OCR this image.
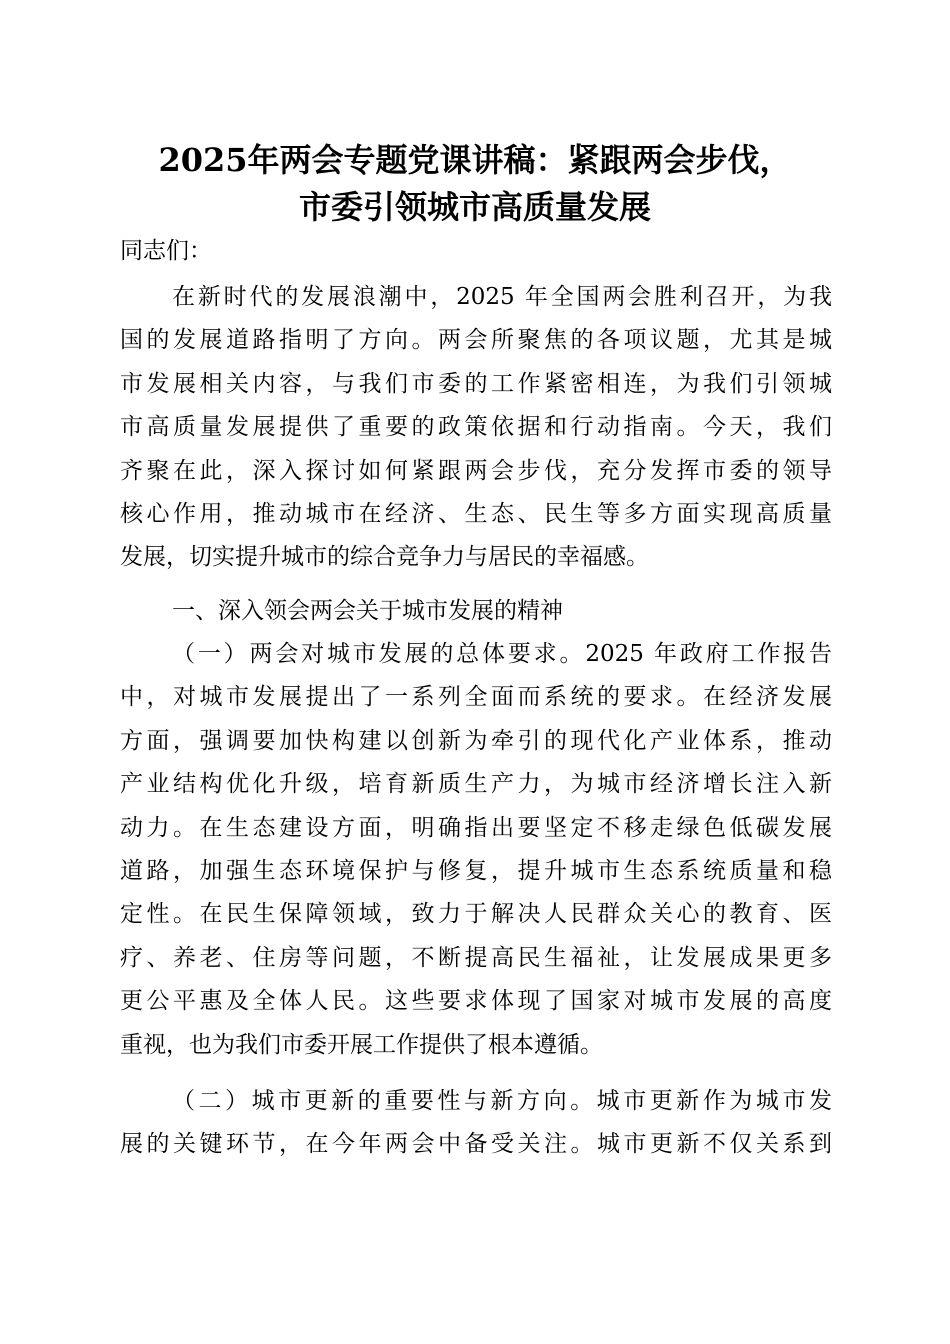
2025年两会专题党课讲稿：紧跟两会步伐，
市委引领城市高质量发展
同志们：
在新时代的发展浪潮中，2025 年全国两会胜利召开，为我
国的发展道路指明了方向。两会所聚焦的各项议题，尤其是城
市发展相关内容，与我们市委的工作紧密相连，为我们引领城
市高质量发展提供了重要的政策依据和行动指南。今天，我们
齐聚在此，深入探讨如何紧跟两会步伐，充分发挥市委的领导
核心作用，推动城市在经济、生态、民生等多方面实现高质量
发展，切实提升城市的综合竞争力与居民的幸福感。
一、深入领会两会关于城市发展的精神
（一）两会对城市发展的总体要求。2025 年政府工作报告
中，对城市发展提出了一系列全面而系统的要求。在经济发展
方面，强调要加快构建以创新为牵引的现代化产业体系，推动
产业结构优化升级，培育新质生产力，为城市经济增长注入新
动力。在生态建设方面，明确指出要坚定不移走绿色低碳发展
道路，加强生态环境保护与修复，提升城市生态系统质量和稳
定性。在民生保障领域，致力于解决人民群众关心的教育、医
疗、养老、住房等问题，不断提高民生福祉，让发展成果更多
更公平惠及全体人民。这些要求体现了国家对城市发展的高度
重视，也为我们市委开展工作提供了根本遵循。
（二）城市更新的重要性与新方向。城市更新作为城市发
展的关键环节，在今年两会中备受关注。城市更新不仅关系到
